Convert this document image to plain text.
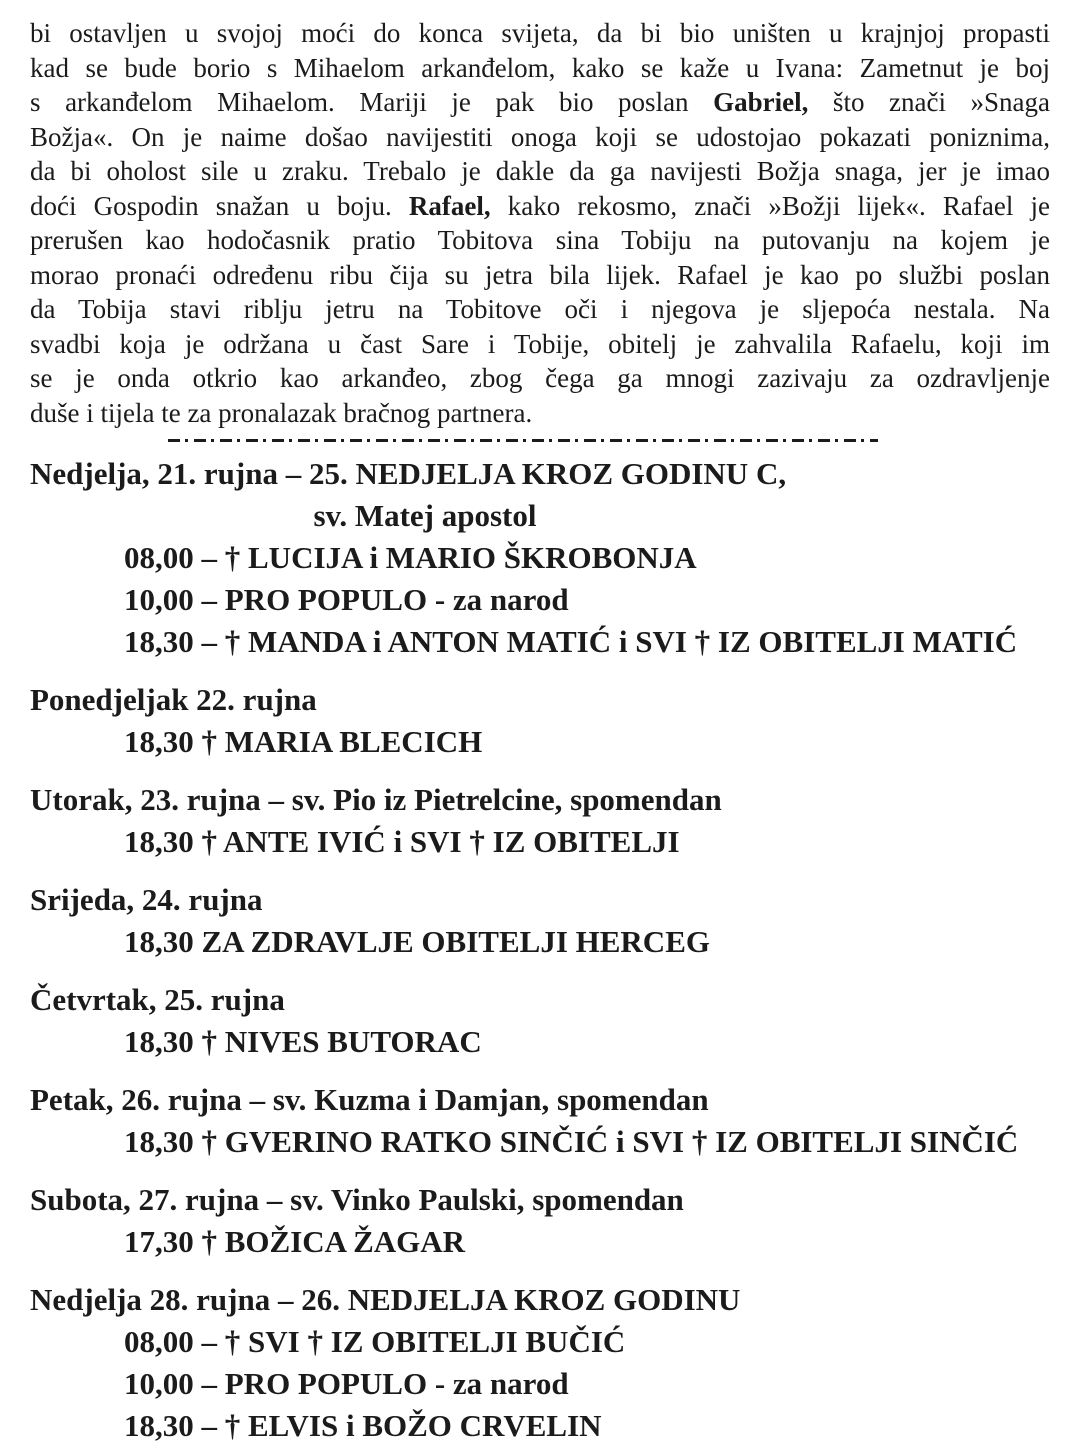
bi ostavljen u svojoj moći do konca svijeta, da bi bio uništen u krajnjoj propasti
kad se bude borio s Mihaelom arkanđelom, kako se kaže u Ivana: Zametnut je boj
s arkanđelom Mihaelom. Mariji je pak bio poslan Gabriel, što znači »Snaga
Božja«. On je naime došao navijestiti onoga koji se udostojao pokazati poniznima,
da bi oholost sile u zraku. Trebalo je dakle da ga navijesti Božja snaga, jer je imao
doći Gospodin snažan u boju. Rafael, kako rekosmo, znači »Božji lijek«. Rafael je
prerušen kao hodočasnik pratio Tobitova sina Tobiju na putovanju na kojem je
morao pronaći određenu ribu čija su jetra bila lijek. Rafael je kao po službi poslan
da Tobija stavi riblju jetru na Tobitove oči i njegova je sljepoća nestala. Na
svadbi koja je održana u čast Sare i Tobije, obitelj je zahvalila Rafaelu, koji im
se je onda otkrio kao arkanđeo, zbog čega ga mnogi zazivaju za ozdravljenje
duše i tijela te za pronalazak bračnog partnera.
Nedjelja, 21. rujna – 25. NEDJELJA KROZ GODINU C,
sv. Matej apostol
08,00 – † LUCIJA i MARIO ŠKROBONJA
10,00 – PRO POPULO - za narod
18,30 – † MANDA i ANTON MATIĆ i SVI † IZ OBITELJI MATIĆ
Ponedjeljak 22. rujna
18,30 † MARIA BLECICH
Utorak, 23. rujna – sv. Pio iz Pietrelcine, spomendan
18,30 † ANTE IVIĆ i SVI † IZ OBITELJI
Srijeda, 24. rujna
18,30 ZA ZDRAVLJE OBITELJI HERCEG
Četvrtak, 25. rujna
18,30 † NIVES BUTORAC
Petak, 26. rujna – sv. Kuzma i Damjan, spomendan
18,30 † GVERINO RATKO SINČIĆ i SVI † IZ OBITELJI SINČIĆ
Subota, 27. rujna – sv. Vinko Paulski, spomendan
17,30 † BOŽICA ŽAGAR
Nedjelja 28. rujna – 26. NEDJELJA KROZ GODINU
08,00 – † SVI † IZ OBITELJI BUČIĆ
10,00 – PRO POPULO - za narod
18,30 – † ELVIS i BOŽO CRVELIN
